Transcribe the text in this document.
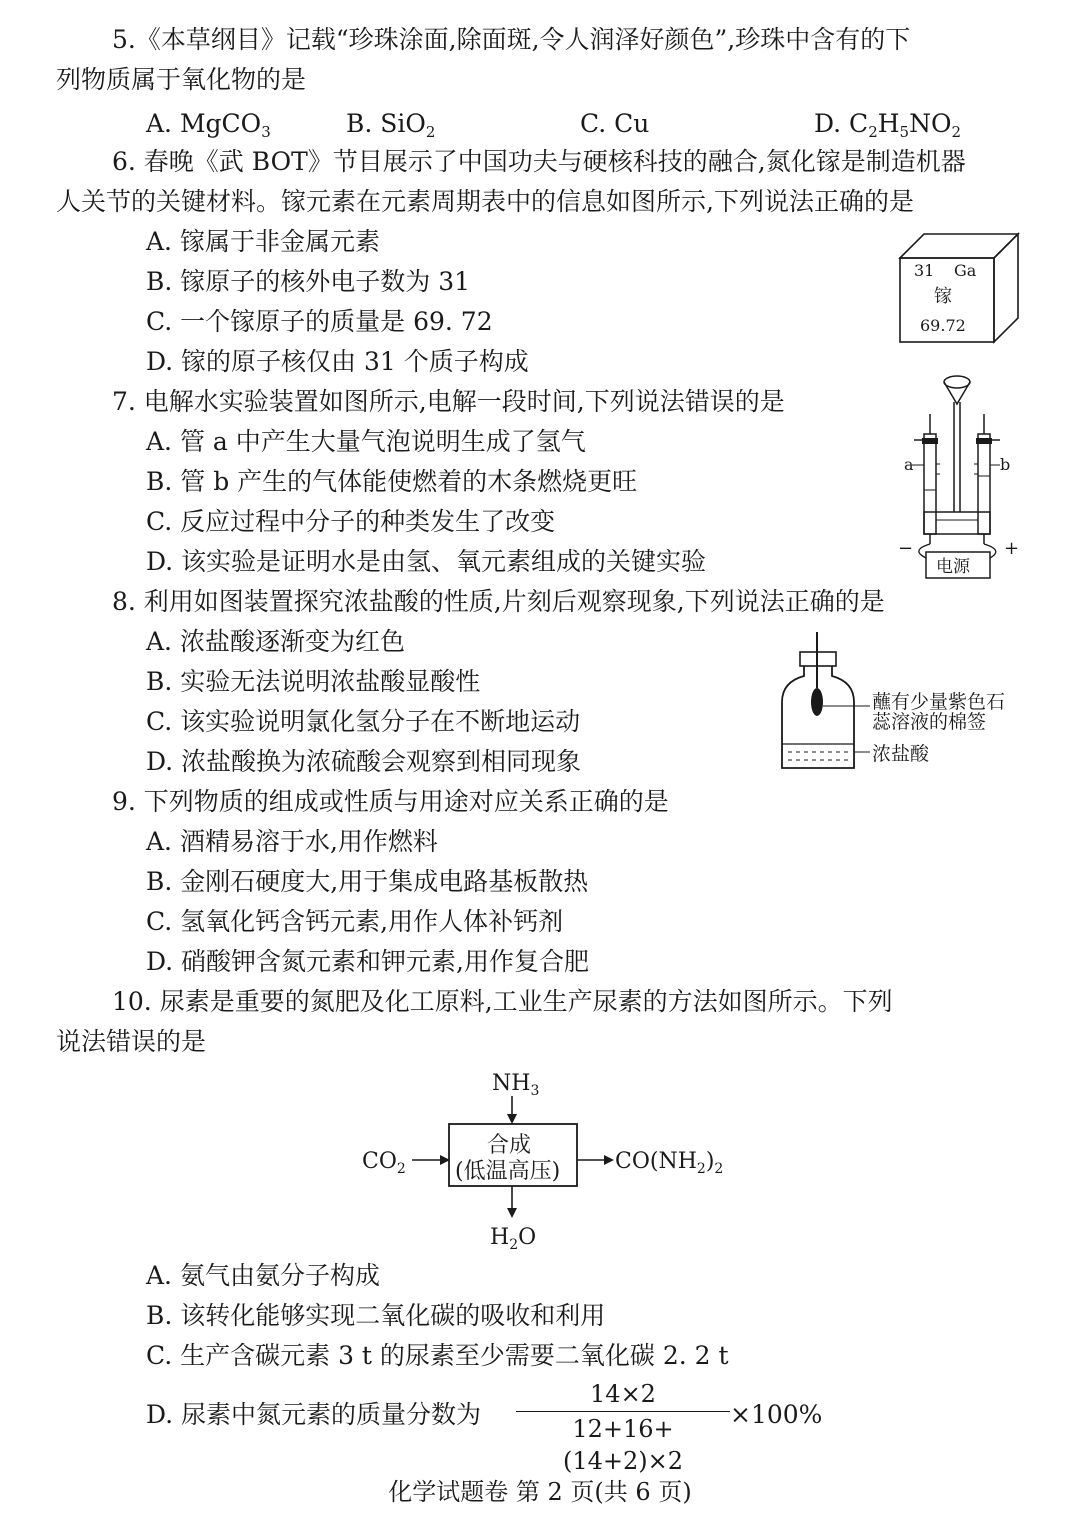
5.《本草纲目》记载“珍珠涂面,除面斑,令人润泽好颜色”,珍珠中含有的下
列物质属于氧化物的是
A. MgCO$_3$	B. SiO$_2$	C. Cu	D. $C_2H_5NO_2$
6. 春晚《武 BOT》节目展示了中国功夫与硬核科技的融合,氮化镓是制造机器
人关节的关键材料。镓元素在元素周期表中的信息如图所示,下列说法正确的是
A. 镓属于非金属元素
B. 镓原子的核外电子数为 31
C. 一个镓原子的质量是 69. 72
D. 镓的原子核仅由 31 个质子构成
31 Ga
镓
69.72
7. 电解水实验装置如图所示,电解一段时间,下列说法错误的是
A. 管 a 中产生大量气泡说明生成了氢气
B. 管 b 产生的气体能使燃着的木条燃烧更旺
C. 反应过程中分子的种类发生了改变
D. 该实验是证明水是由氢、氧元素组成的关键实验	电源
a	b
−	+
8. 利用如图装置探究浓盐酸的性质,片刻后观察现象,下列说法正确的是
A. 浓盐酸逐渐变为红色
B. 实验无法说明浓盐酸显酸性
C. 该实验说明氯化氢分子在不断地运动
D. 浓盐酸换为浓硫酸会观察到相同现象
蘸有少量紫色石
蕊溶液的棉签
浓盐酸
9. 下列物质的组成或性质与用途对应关系正确的是
A. 酒精易溶于水,用作燃料
B. 金刚石硬度大,用于集成电路基板散热
C. 氢氧化钙含钙元素,用作人体补钙剂
D. 硝酸钾含氮元素和钾元素,用作复合肥
10. 尿素是重要的氮肥及化工原料,工业生产尿素的方法如图所示。下列
说法错误的是
$NH_3$
合成
(低温高压)
$CO_2$	$CO(NH_2)_2$
$H_2O$
A. 氨气由氨分子构成
B. 该转化能够实现二氧化碳的吸收和利用
C. 生产含碳元素 3 t 的尿素至少需要二氧化碳 2. 2 t
D. 尿素中氮元素的质量分数为
14×2
12+16+(14+2)×2
×100%
化学试题卷 第 2 页(共 6 页)
